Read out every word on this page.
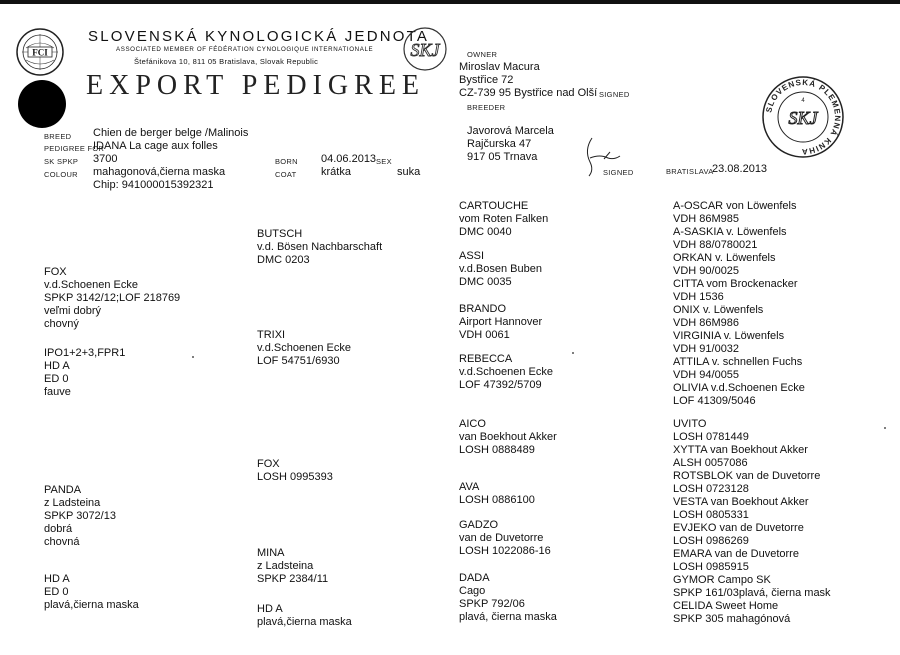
FCI
SLOVENSKÁ KYNOLOGICKÁ JEDNOTA
ASSOCIATED MEMBER OF FÉDÉRATION CYNOLOGIQUE INTERNATIONALE
Štefánikova 10, 811 05 Bratislava, Slovak Republic
EXPORT PEDIGREE
SKJ	OWNER
Miroslav Macura
Bystřice 72
CZ-739 95 Bystřice nad Olší SIGNED
BREEDER
Javorová Marcela
Rajčurska 47
917 05 Trnava
SIGNED	BRATISLAVA
23.08.2013
SLOVENSKÁ PLEMENNÁ KNIHA
4
SKJ
BREED Chien de berger belge /Malinois
PEDIGREE FOR
IDANA La cage aux folles
SK SPKP 3700
COLOUR mahagonová,čierna maska
Chip: 941000015392321
BORN 04.06.2013 SEX
COAT krátka	suka
FOX
v.d.Schoenen Ecke
SPKP 3142/12;LOF 218769
veľmi dobrý
chovný
IPO1+2+3,FPR1
HD A
ED 0
fauve
PANDA
z Ladsteina
SPKP 3072/13
dobrá
chovná
HD A
ED 0
plavá,čierna maska
BUTSCH
v.d. Bösen Nachbarschaft
DMC 0203
TRIXI
v.d.Schoenen Ecke
LOF 54751/6930
FOX
LOSH 0995393
MINA
z Ladsteina
SPKP 2384/11
HD A
plavá,čierna maska
CARTOUCHE
vom Roten Falken
DMC 0040
ASSI
v.d.Bosen Buben
DMC 0035
BRANDO
Airport Hannover
VDH 0061
REBECCA
v.d.Schoenen Ecke
LOF 47392/5709
AICO
van Boekhout Akker
LOSH 0888489
AVA
LOSH 0886100
GADZO
van de Duvetorre
LOSH 1022086-16
DADA
Cago
SPKP 792/06
plavá, čierna maska
A-OSCAR von Löwenfels
VDH 86M985
A-SASKIA v. Löwenfels
VDH 88/0780021
ORKAN v. Löwenfels
VDH 90/0025
CITTA vom Brockenacker
VDH 1536
ONIX v. Löwenfels
VDH 86M986
VIRGINIA v. Löwenfels
VDH 91/0032
ATTILA v. schnellen Fuchs
VDH 94/0055
OLIVIA v.d.Schoenen Ecke
LOF 41309/5046
UVITO
LOSH 0781449
XYTTA van Boekhout Akker
ALSH 0057086
ROTSBLOK van de Duvetorre
LOSH 0723128
VESTA van Boekhout Akker
LOSH 0805331
EVJEKO van de Duvetorre
LOSH 0986269
EMARA van de Duvetorre
LOSH 0985915
GYMOR Campo SK
SPKP 161/03plavá, čierna mask
CELIDA Sweet Home
SPKP 305 mahagónová
